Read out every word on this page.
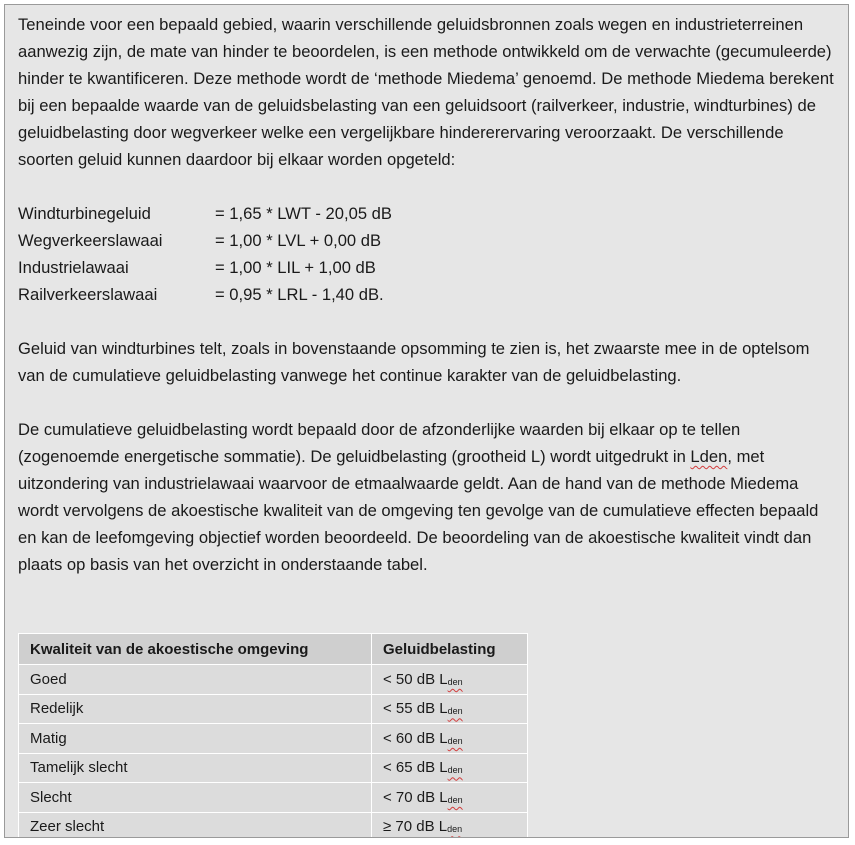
Teneinde voor een bepaald gebied, waarin verschillende geluidsbronnen zoals wegen en industrieterreinen aanwezig zijn, de mate van hinder te beoordelen, is een methode ontwikkeld om de verwachte (gecumuleerde) hinder te kwantificeren. Deze methode wordt de ‘methode Miedema’ genoemd. De methode Miedema berekent bij een bepaalde waarde van de geluidsbelasting van een geluidsoort (railverkeer, industrie, windturbines) de geluidbelasting door wegverkeer welke een vergelijkbare hindererervaring veroorzaakt. De verschillende soorten geluid kunnen daardoor bij elkaar worden opgeteld:

Windturbinegeluid	= 1,65 * LWT - 20,05 dB
Wegverkeerslawaai	= 1,00 * LVL + 0,00 dB
Industrielawaai	= 1,00 * LIL + 1,00 dB
Railverkeerslawaai	= 0,95 * LRL - 1,40 dB.

Geluid van windturbines telt, zoals in bovenstaande opsomming te zien is, het zwaarste mee in de optelsom van de cumulatieve geluidbelasting vanwege het continue karakter van de geluidbelasting.

De cumulatieve geluidbelasting wordt bepaald door de afzonderlijke waarden bij elkaar op te tellen (zogenoemde energetische sommatie). De geluidbelasting (grootheid L) wordt uitgedrukt in Lden, met uitzondering van industrielawaai waarvoor de etmaalwaarde geldt. Aan de hand van de methode Miedema wordt vervolgens de akoestische kwaliteit van de omgeving ten gevolge van de cumulatieve effecten bepaald en kan de leefomgeving objectief worden beoordeeld. De beoordeling van de akoestische kwaliteit vindt dan plaats op basis van het overzicht in onderstaande tabel.

Kwaliteit van de akoestische omgeving	Geluidbelasting
Goed	< 50 dB Lden
Redelijk	< 55 dB Lden
Matig	< 60 dB Lden
Tamelijk slecht	< 65 dB Lden
Slecht	< 70 dB Lden
Zeer slecht	≥ 70 dB Lden
